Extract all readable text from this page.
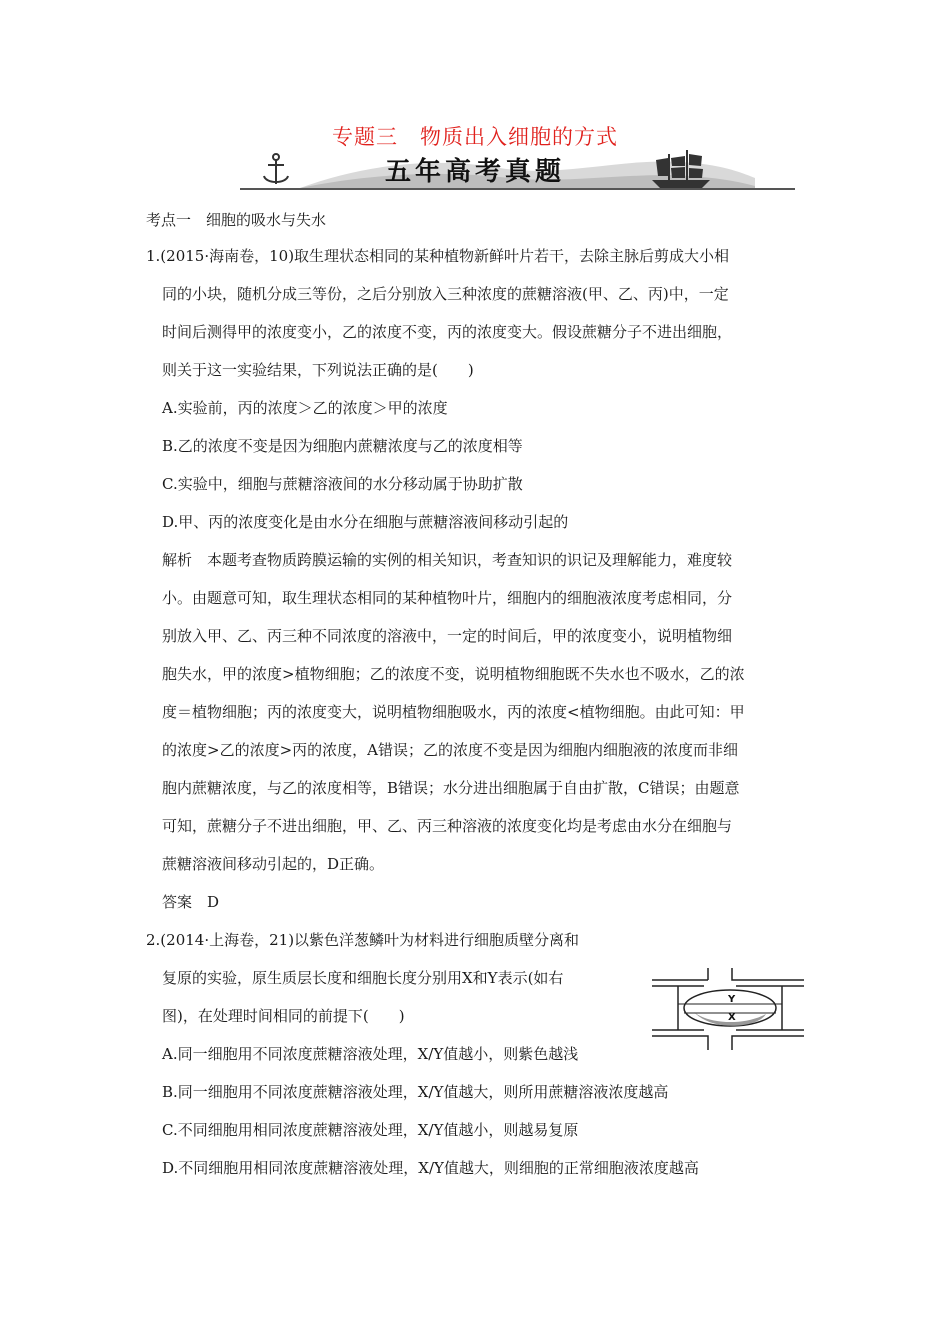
专题三　物质出入细胞的方式
五年高考真题
考点一　细胞的吸水与失水
1.(2015·海南卷，10)取生理状态相同的某种植物新鲜叶片若干，去除主脉后剪成大小相
同的小块，随机分成三等份，之后分别放入三种浓度的蔗糖溶液(甲、乙、丙)中，一定
时间后测得甲的浓度变小，乙的浓度不变，丙的浓度变大。假设蔗糖分子不进出细胞，
则关于这一实验结果，下列说法正确的是(　　)
A.实验前，丙的浓度＞乙的浓度＞甲的浓度
B.乙的浓度不变是因为细胞内蔗糖浓度与乙的浓度相等
C.实验中，细胞与蔗糖溶液间的水分移动属于协助扩散
D.甲、丙的浓度变化是由水分在细胞与蔗糖溶液间移动引起的
解析　本题考查物质跨膜运输的实例的相关知识，考查知识的识记及理解能力，难度较
小。由题意可知，取生理状态相同的某种植物叶片，细胞内的细胞液浓度考虑相同，分
别放入甲、乙、丙三种不同浓度的溶液中，一定的时间后，甲的浓度变小，说明植物细
胞失水，甲的浓度>植物细胞；乙的浓度不变，说明植物细胞既不失水也不吸水，乙的浓
度＝植物细胞；丙的浓度变大，说明植物细胞吸水，丙的浓度<植物细胞。由此可知：甲
的浓度>乙的浓度>丙的浓度，A错误；乙的浓度不变是因为细胞内细胞液的浓度而非细
胞内蔗糖浓度，与乙的浓度相等，B错误；水分进出细胞属于自由扩散，C错误；由题意
可知，蔗糖分子不进出细胞，甲、乙、丙三种溶液的浓度变化均是考虑由水分在细胞与
蔗糖溶液间移动引起的，D正确。
答案　D
2.(2014·上海卷，21)以紫色洋葱鳞叶为材料进行细胞质壁分离和
复原的实验，原生质层长度和细胞长度分别用X和Y表示(如右
图)，在处理时间相同的前提下(　　)
Y
X
A.同一细胞用不同浓度蔗糖溶液处理，X/Y值越小，则紫色越浅
B.同一细胞用不同浓度蔗糖溶液处理，X/Y值越大，则所用蔗糖溶液浓度越高
C.不同细胞用相同浓度蔗糖溶液处理，X/Y值越小，则越易复原
D.不同细胞用相同浓度蔗糖溶液处理，X/Y值越大，则细胞的正常细胞液浓度越高
